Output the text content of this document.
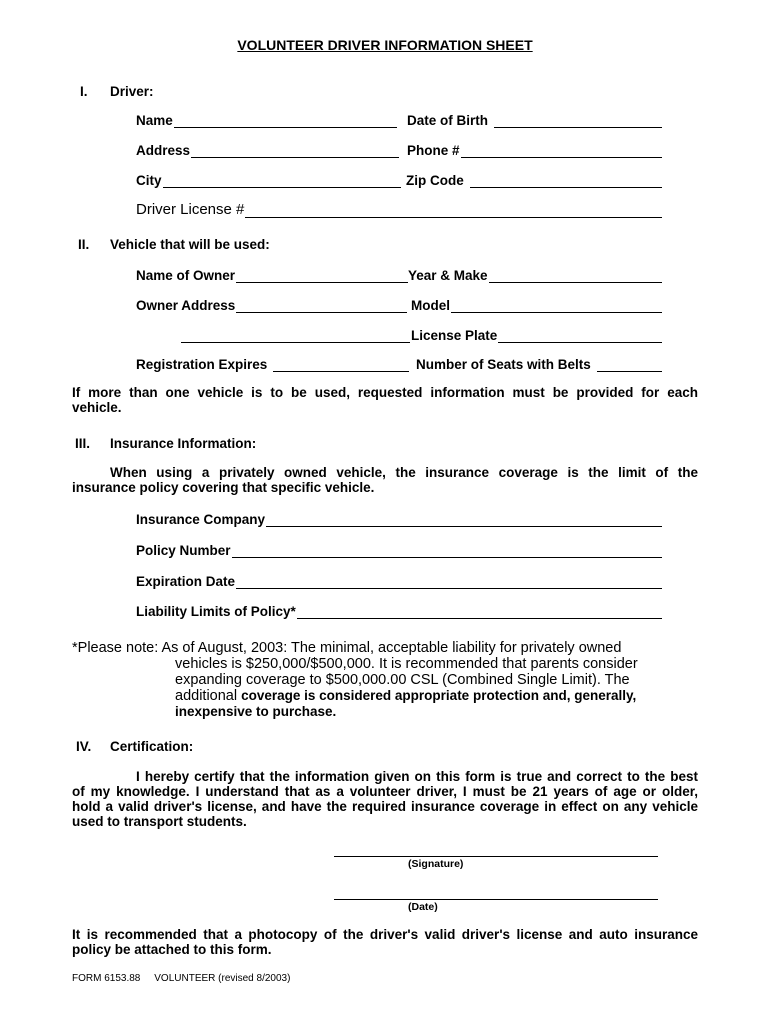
VOLUNTEER DRIVER INFORMATION SHEET
I. Driver:
Name	Date of Birth
Address	Phone #
City	Zip Code
Driver License #
II. Vehicle that will be used:
Name of Owner	Year & Make
Owner Address	Model
License Plate
Registration Expires	Number of Seats with Belts
If more than one vehicle is to be used, requested information must be provided for each
vehicle.
III. Insurance Information:
When using a privately owned vehicle, the insurance coverage is the limit of the
insurance policy covering that specific vehicle.
Insurance Company
Policy Number
Expiration Date
Liability Limits of Policy*
*Please note: As of August, 2003: The minimal, acceptable liability for privately owned
vehicles is $250,000/$500,000. It is recommended that parents consider
expanding coverage to $500,000.00 CSL (Combined Single Limit). The
additional coverage is considered appropriate protection and, generally,
inexpensive to purchase.
IV. Certification:
I hereby certify that the information given on this form is true and correct to the best
of my knowledge. I understand that as a volunteer driver, I must be 21 years of age or older,
hold a valid driver's license, and have the required insurance coverage in effect on any vehicle
used to transport students.
(Signature)
(Date)
It is recommended that a photocopy of the driver's valid driver's license and auto insurance
policy be attached to this form.
FORM 6153.88     VOLUNTEER (revised 8/2003)
